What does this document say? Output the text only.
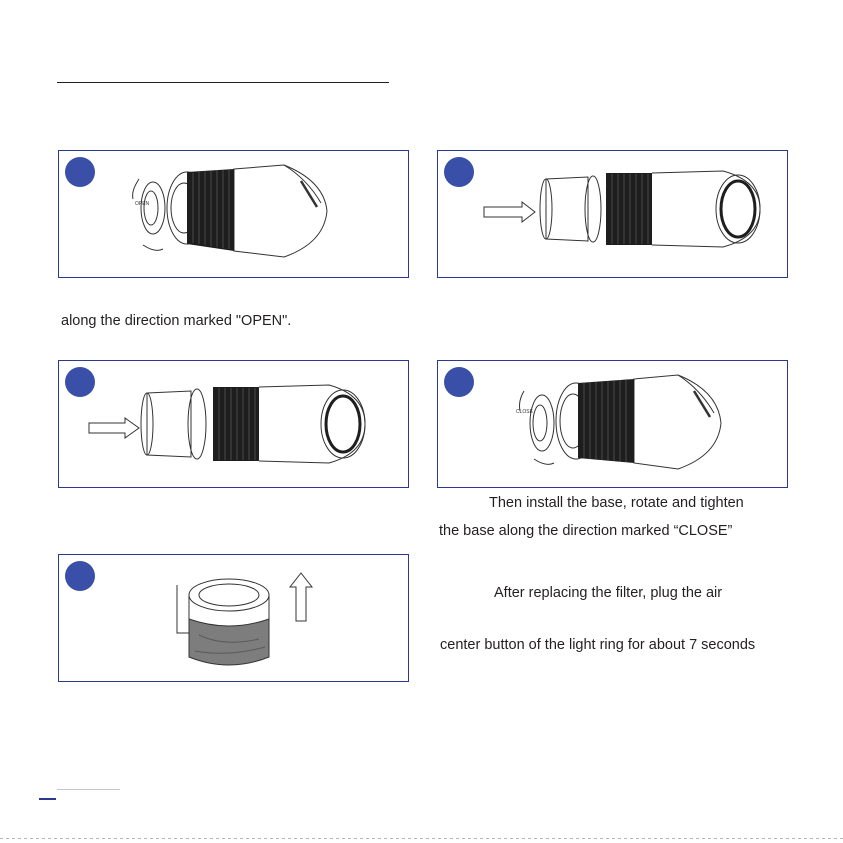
OPEN
along the direction marked "OPEN".
CLOSE
Then install the base, rotate and tighten
the base along the direction marked “CLOSE”
After replacing the filter, plug the air
center button of the light ring for about 7 seconds
